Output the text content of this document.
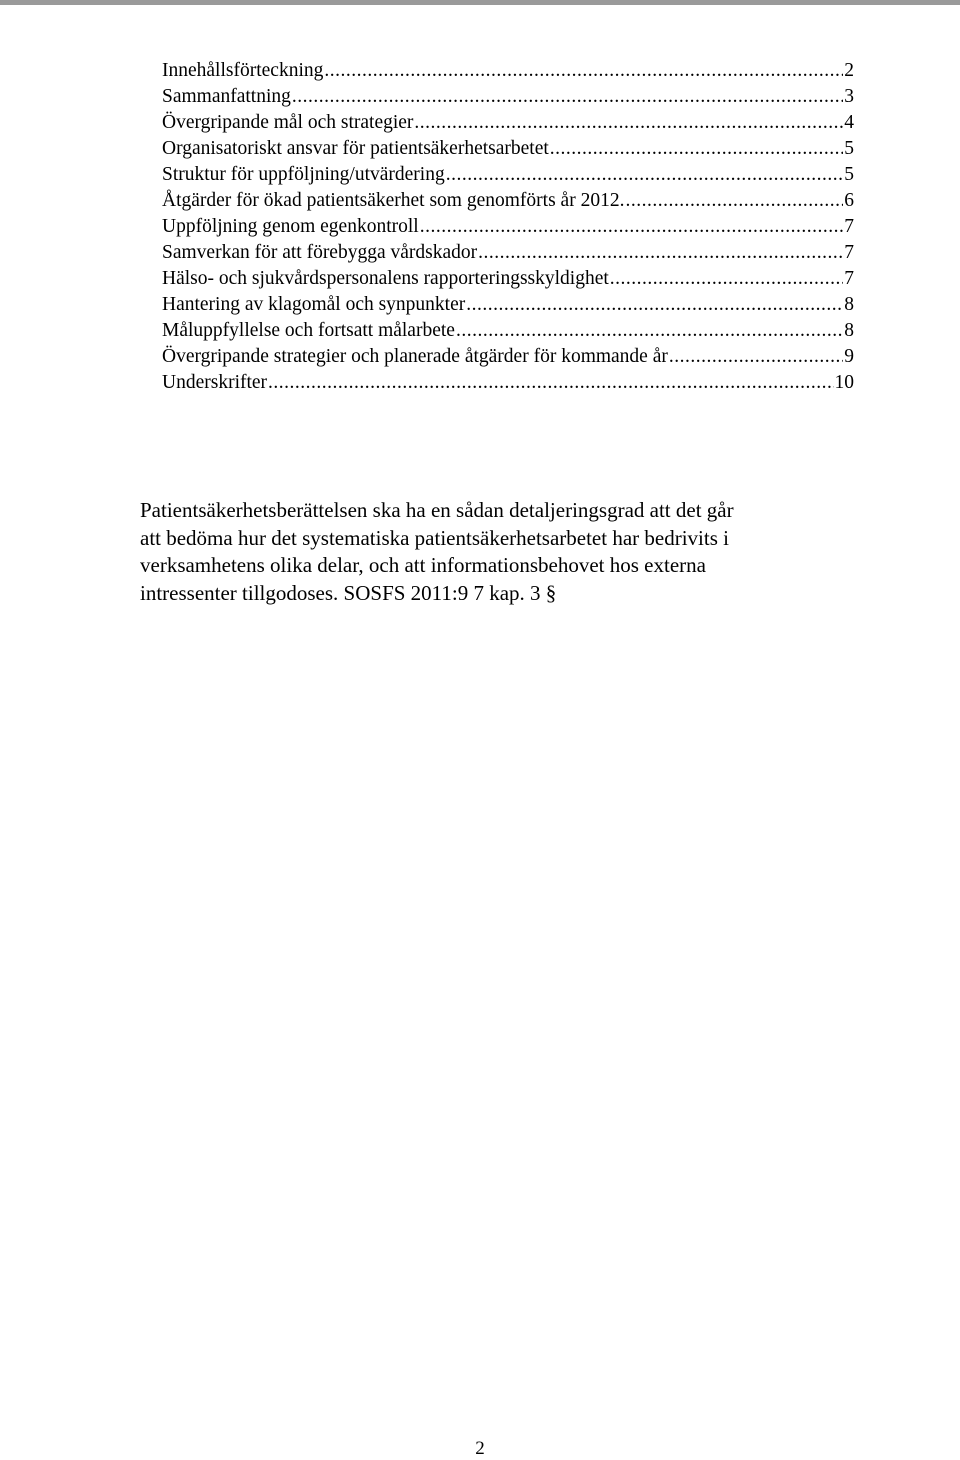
Innehållsförteckning .....	2
Sammanfattning .....	3
Övergripande mål och strategier .....	4
Organisatoriskt ansvar för patientsäkerhetsarbetet .....	5
Struktur för uppföljning/utvärdering .....	5
Åtgärder för ökad patientsäkerhet som genomförts år 2012. .....	6
Uppföljning genom egenkontroll .....	7
Samverkan för att förebygga vårdskador .....	7
Hälso- och sjukvårdspersonalens rapporteringsskyldighet .....	7
Hantering av klagomål och synpunkter .....	8
Måluppfyllelse och fortsatt målarbete .....	8
Övergripande strategier och planerade åtgärder för kommande år .....	9
Underskrifter .....	10

Patientsäkerhetsberättelsen ska ha en sådan detaljeringsgrad att det går
att bedöma hur det systematiska patientsäkerhetsarbetet har bedrivits i
verksamhetens olika delar, och att informationsbehovet hos externa
intressenter tillgodoses. SOSFS 2011:9 7 kap. 3 §

2
